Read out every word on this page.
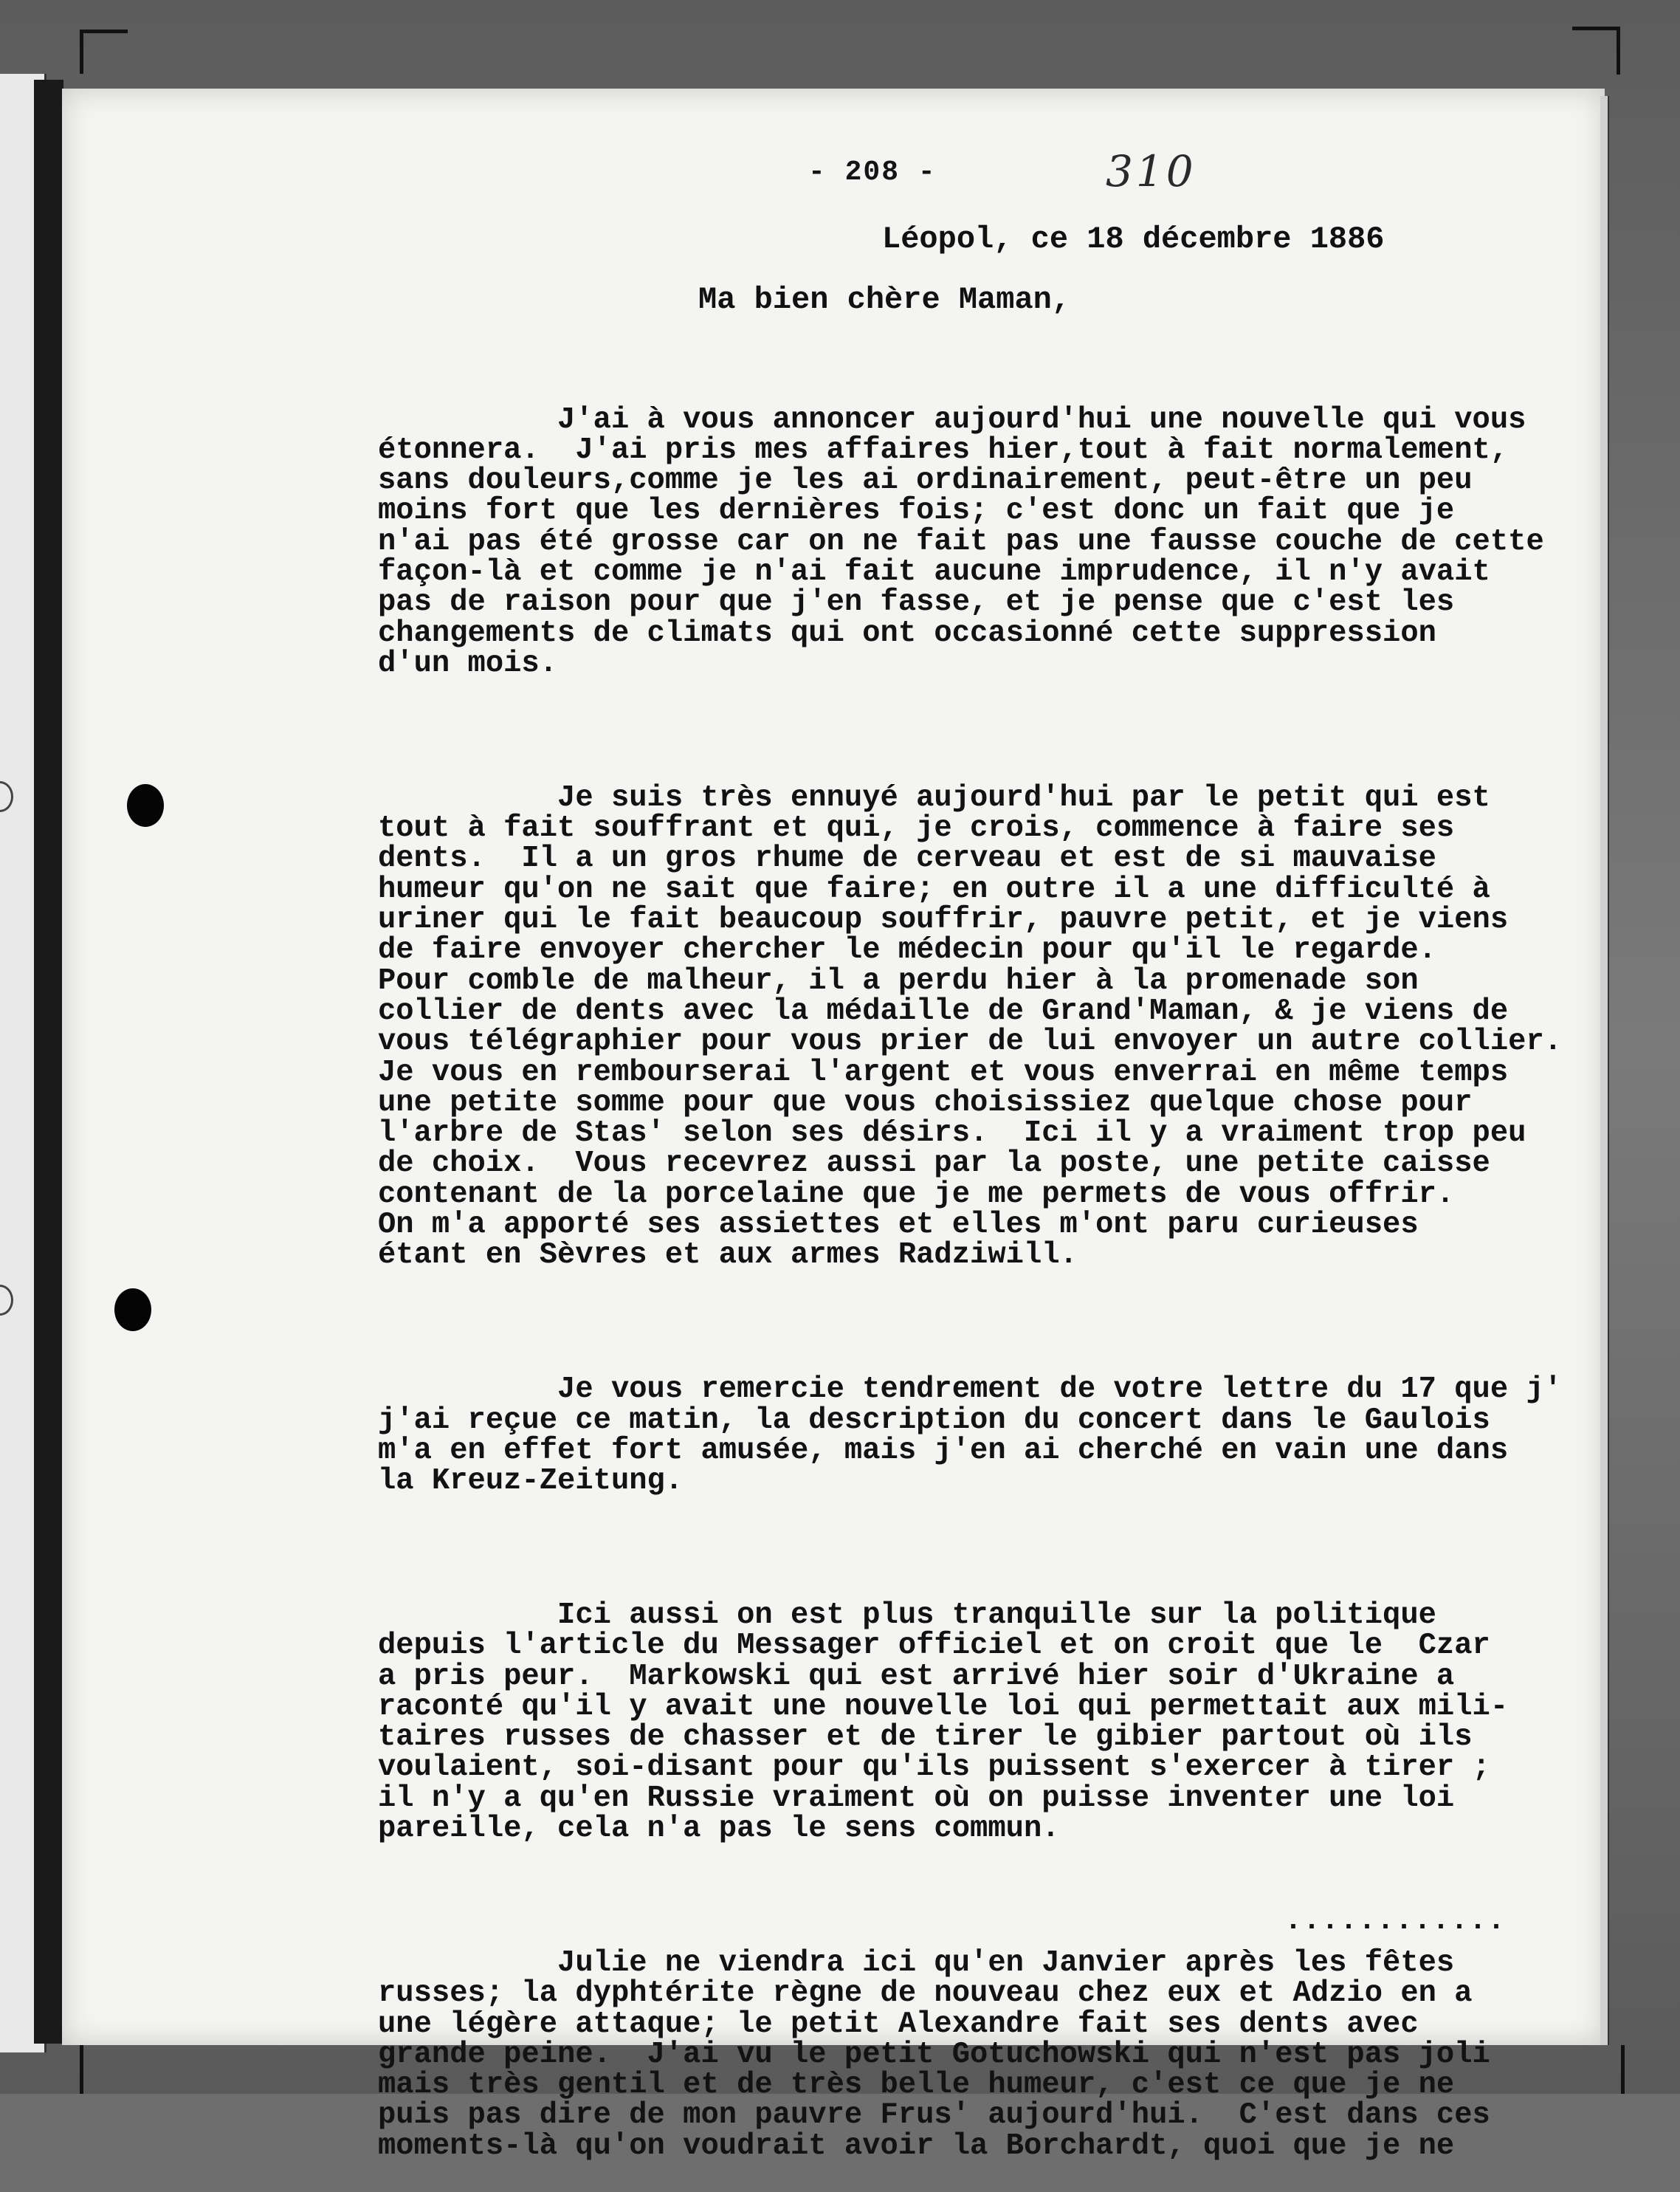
- 208 -	310
Léopol, ce 18 décembre 1886
Ma bien chère Maman,

J'ai à vous annoncer aujourd'hui une nouvelle qui vous
étonnera.  J'ai pris mes affaires hier,tout à fait normalement,
sans douleurs,comme je les ai ordinairement, peut-être un peu
moins fort que les dernières fois; c'est donc un fait que je
n'ai pas été grosse car on ne fait pas une fausse couche de cette
façon-là et comme je n'ai fait aucune imprudence, il n'y avait
pas de raison pour que j'en fasse, et je pense que c'est les
changements de climats qui ont occasionné cette suppression
d'un mois.

Je suis très ennuyé aujourd'hui par le petit qui est
tout à fait souffrant et qui, je crois, commence à faire ses
dents.  Il a un gros rhume de cerveau et est de si mauvaise
humeur qu'on ne sait que faire; en outre il a une difficulté à
uriner qui le fait beaucoup souffrir, pauvre petit, et je viens
de faire envoyer chercher le médecin pour qu'il le regarde.
Pour comble de malheur, il a perdu hier à la promenade son
collier de dents avec la médaille de Grand'Maman, & je viens de
vous télégraphier pour vous prier de lui envoyer un autre collier.
Je vous en rembourserai l'argent et vous enverrai en même temps
une petite somme pour que vous choisissiez quelque chose pour
l'arbre de Stas' selon ses désirs.  Ici il y a vraiment trop peu
de choix.  Vous recevrez aussi par la poste, une petite caisse
contenant de la porcelaine que je me permets de vous offrir.
On m'a apporté ses assiettes et elles m'ont paru curieuses
étant en Sèvres et aux armes Radziwill.

Je vous remercie tendrement de votre lettre du 17 que j'
j'ai reçue ce matin, la description du concert dans le Gaulois
m'a en effet fort amusée, mais j'en ai cherché en vain une dans
la Kreuz-Zeitung.

Ici aussi on est plus tranquille sur la politique
depuis l'article du Messager officiel et on croit que le  Czar
a pris peur.  Markowski qui est arrivé hier soir d'Ukraine a
raconté qu'il y avait une nouvelle loi qui permettait aux mili-
taires russes de chasser et de tirer le gibier partout où ils
voulaient, soi-disant pour qu'ils puissent s'exercer à tirer ;
il n'y a qu'en Russie vraiment où on puisse inventer une loi
pareille, cela n'a pas le sens commun.

Julie ne viendra ici qu'en Janvier après les fêtes
russes; la dyphtérite règne de nouveau chez eux et Adzio en a
une légère attaque; le petit Alexandre fait ses dents avec
grande peine.  J'ai vu le petit Gotuchowski qui n'est pas joli
mais très gentil et de très belle humeur, c'est ce que je ne
puis pas dire de mon pauvre Frus' aujourd'hui.  C'est dans ces
moments-là qu'on voudrait avoir la Borchardt, quoi que je ne

............
